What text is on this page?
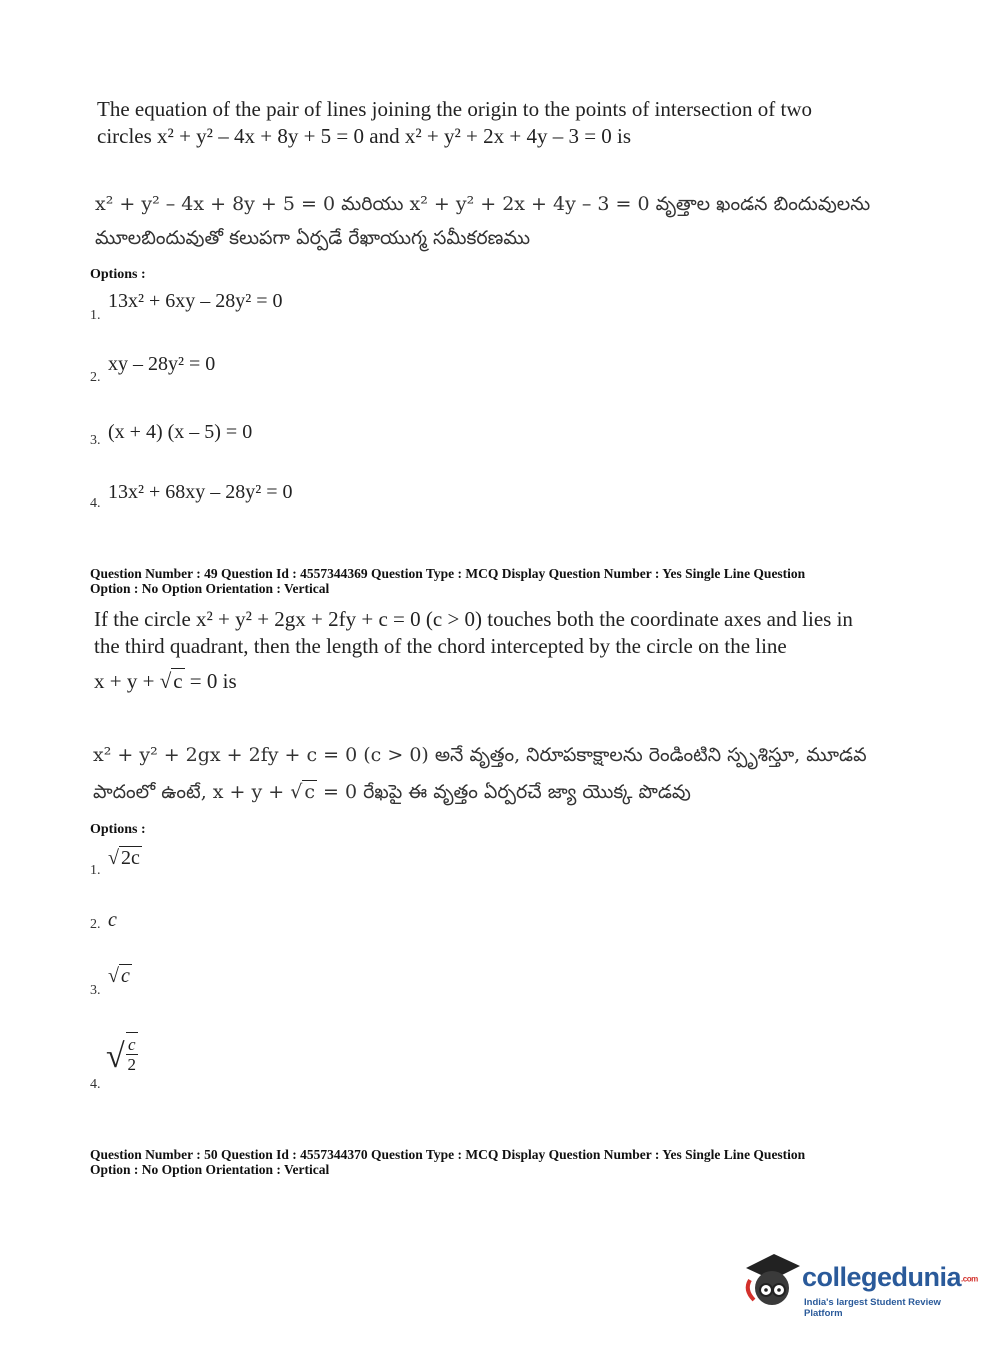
The equation of the pair of lines joining the origin to the points of intersection of two
circles x² + y² – 4x + 8y + 5 = 0 and x² + y² + 2x + 4y – 3 = 0 is
x² + y² – 4x + 8y + 5 = 0 మరియు x² + y² + 2x + 4y – 3 = 0 వృత్తాల ఖండన బిందువులను
మూలబిందువుతో కలుపగా ఏర్పడే రేఖాయుగ్మ సమీకరణము
Options :
1.
13x² + 6xy – 28y² = 0
2.
xy – 28y² = 0
3. (x + 4) (x – 5) = 0
4.
13x² + 68xy – 28y² = 0
Question Number : 49 Question Id : 4557344369 Question Type : MCQ Display Question Number : Yes Single Line Question
Option : No Option Orientation : Vertical
If the circle x² + y² + 2gx + 2fy + c = 0 (c > 0) touches both the coordinate axes and lies in
the third quadrant, then the length of the chord intercepted by the circle on the line
x + y + √c = 0 is
x² + y² + 2gx + 2fy + c = 0 (c > 0) అనే వృత్తం, నిరూపకాక్షాలను రెండింటిని స్పృశిస్తూ, మూడవ
పాదంలో ఉంటే, x + y + √ c = 0 రేఖపై ఈ వృత్తం ఏర్పరచే జ్యా యొక్క పొడవు
Options :
1.
√ 2c
2. c
3.
√ c
4.
√ $\frac{c}{2}$
Question Number : 50 Question Id : 4557344370 Question Type : MCQ Display Question Number : Yes Single Line Question
Option : No Option Orientation : Vertical
collegedunia.com
India's largest Student Review Platform
